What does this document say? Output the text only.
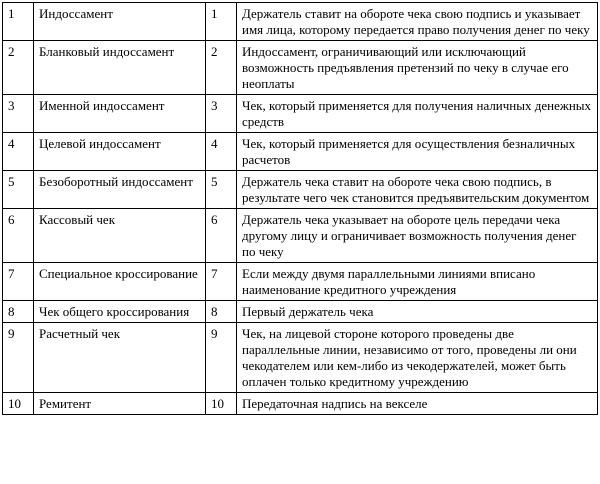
1	Индоссамент	1	Держатель ставит на обороте чека свою подпись и указывает имя лица, которому передается право получения денег по чеку
2	Бланковый индоссамент	2	Индоссамент, ограничивающий или исключающий возможность предъявления претензий по чеку в случае его неоплаты
3	Именной индоссамент	3	Чек, который применяется для получения наличных денежных средств
4	Целевой индоссамент	4	Чек, который применяется для осуществления безналичных расчетов
5	Безоборотный индоссамент	5	Держатель чека ставит на обороте чека свою подпись, в результате чего чек становится предъявительским документом
6	Кассовый чек	6	Держатель чека указывает на обороте цель передачи чека другому лицу и ограничивает возможность получения денег по чеку
7	Специальное кроссирование	7	Если между двумя параллельными линиями вписано наименование кредитного учреждения
8	Чек общего кроссирования	8	Первый держатель чека
9	Расчетный чек	9	Чек, на лицевой стороне которого проведены две параллельные линии, независимо от того, проведены ли они чекодателем или кем-либо из чекодержателей, может быть оплачен только кредитному учреждению
10	Ремитент	10	Передаточная надпись на векселе
